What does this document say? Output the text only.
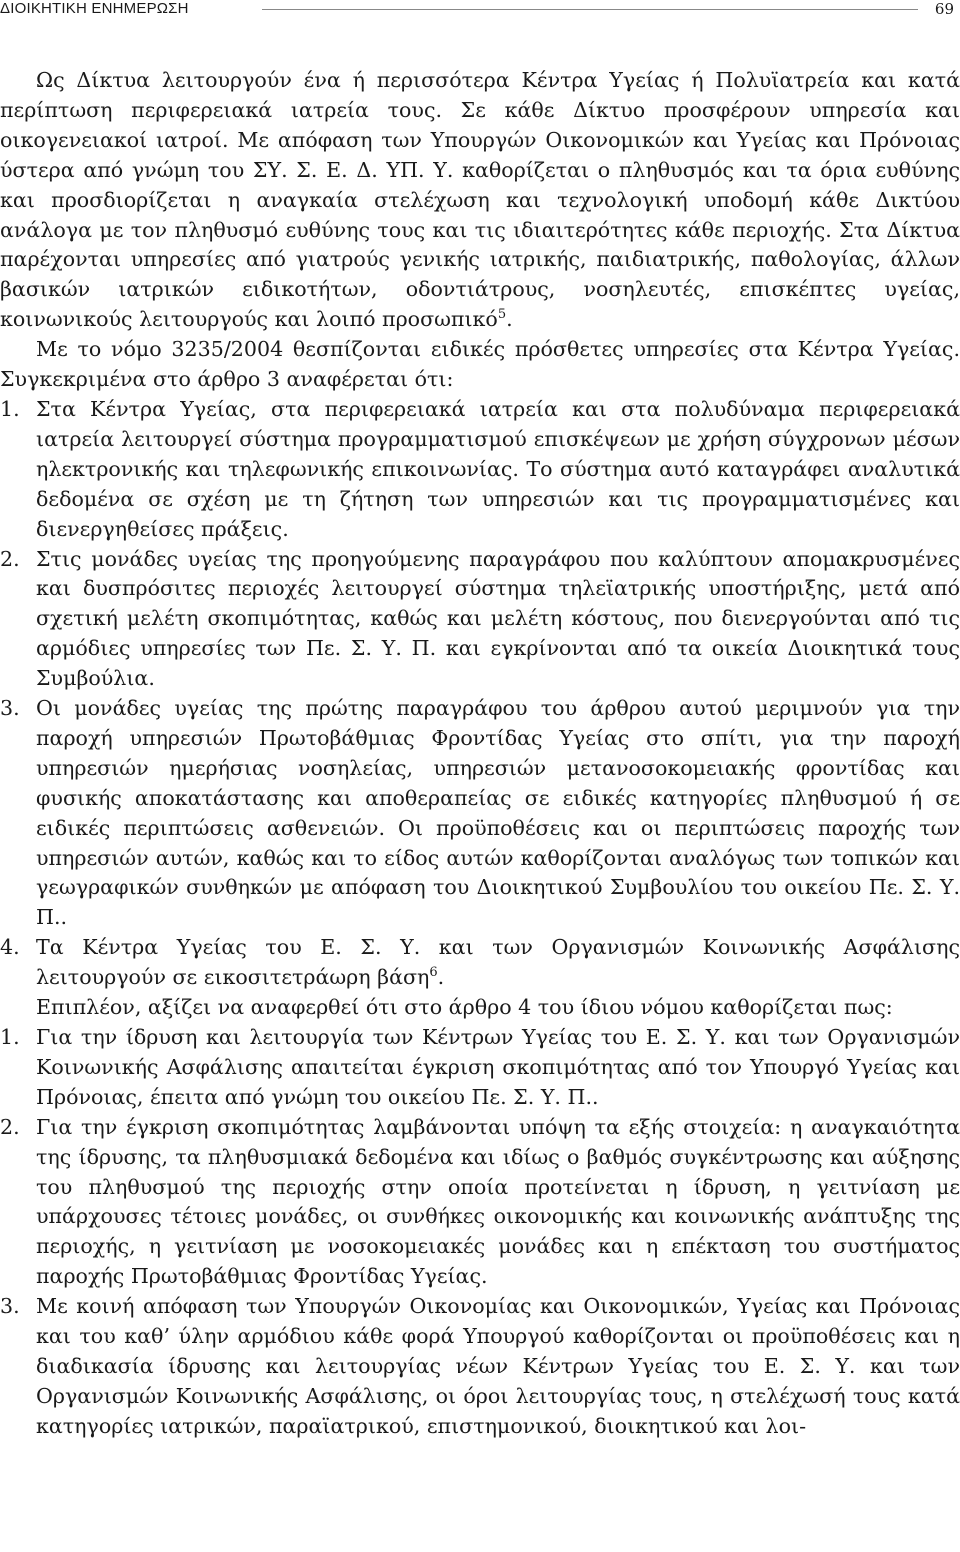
ΔΙΟΙΚΗΤΙΚΗ ΕΝΗΜΕΡΩΣΗ	69

Ως Δίκτυα λειτουργούν ένα ή περισσότερα Κέντρα Υγείας ή Πολυϊατρεία και κατά περίπτωση περιφερειακά ιατρεία τους. Σε κάθε Δίκτυο προσφέρουν υπηρεσία και οικογενειακοί ιατροί. Με απόφαση των Υπουργών Οικονομικών και Υγείας και Πρόνοιας ύστερα από γνώμη του ΣΥ. Σ. Ε. Δ. ΥΠ. Υ. καθορίζεται ο πληθυσμός και τα όρια ευθύνης και προσδιορίζεται η αναγκαία στελέχωση και τεχνολογική υποδομή κάθε Δικτύου ανάλογα με τον πληθυσμό ευθύνης τους και τις ιδιαιτερότητες κάθε περιοχής. Στα Δίκτυα παρέχονται υπηρεσίες από γιατρούς γενικής ιατρικής, παιδιατρικής, παθολογίας, άλλων βασικών ιατρικών ειδικοτήτων, οδοντιάτρους, νοσηλευτές, επισκέπτες υγείας, κοινωνικούς λειτουργούς και λοιπό προσωπικό$^5$.

Με το νόμο 3235/2004 θεσπίζονται ειδικές πρόσθετες υπηρεσίες στα Κέντρα Υγείας. Συγκεκριμένα στο άρθρο 3 αναφέρεται ότι:

1. Στα Κέντρα Υγείας, στα περιφερειακά ιατρεία και στα πολυδύναμα περιφερειακά ιατρεία λειτουργεί σύστημα προγραμματισμού επισκέψεων με χρήση σύγχρονων μέσων ηλεκτρονικής και τηλεφωνικής επικοινωνίας. Το σύστημα αυτό καταγράφει αναλυτικά δεδομένα σε σχέση με τη ζήτηση των υπηρεσιών και τις προγραμματισμένες και διενεργηθείσες πράξεις.

2. Στις μονάδες υγείας της προηγούμενης παραγράφου που καλύπτουν απομακρυσμένες και δυσπρόσιτες περιοχές λειτουργεί σύστημα τηλεϊατρικής υποστήριξης, μετά από σχετική μελέτη σκοπιμότητας, καθώς και μελέτη κόστους, που διενεργούνται από τις αρμόδιες υπηρεσίες των Πε. Σ. Υ. Π. και εγκρίνονται από τα οικεία Διοικητικά τους Συμβούλια.

3. Οι μονάδες υγείας της πρώτης παραγράφου του άρθρου αυτού μεριμνούν για την παροχή υπηρεσιών Πρωτοβάθμιας Φροντίδας Υγείας στο σπίτι, για την παροχή υπηρεσιών ημερήσιας νοσηλείας, υπηρεσιών μετανοσοκομειακής φροντίδας και φυσικής αποκατάστασης και αποθεραπείας σε ειδικές κατηγορίες πληθυσμού ή σε ειδικές περιπτώσεις ασθενειών. Οι προϋποθέσεις και οι περιπτώσεις παροχής των υπηρεσιών αυτών, καθώς και το είδος αυτών καθορίζονται αναλόγως των τοπικών και γεωγραφικών συνθηκών με απόφαση του Διοικητικού Συμβουλίου του οικείου Πε. Σ. Υ. Π..

4. Τα Κέντρα Υγείας του Ε. Σ. Υ. και των Οργανισμών Κοινωνικής Ασφάλισης λειτουργούν σε εικοσιτετράωρη βάση$^6$.

Επιπλέον, αξίζει να αναφερθεί ότι στο άρθρο 4 του ίδιου νόμου καθορίζεται πως:

1. Για την ίδρυση και λειτουργία των Κέντρων Υγείας του Ε. Σ. Υ. και των Οργανισμών Κοινωνικής Ασφάλισης απαιτείται έγκριση σκοπιμότητας από τον Υπουργό Υγείας και Πρόνοιας, έπειτα από γνώμη του οικείου Πε. Σ. Υ. Π..

2. Για την έγκριση σκοπιμότητας λαμβάνονται υπόψη τα εξής στοιχεία: η αναγκαιότητα της ίδρυσης, τα πληθυσμιακά δεδομένα και ιδίως ο βαθμός συγκέντρωσης και αύξησης του πληθυσμού της περιοχής στην οποία προτείνεται η ίδρυση, η γειτνίαση με υπάρχουσες τέτοιες μονάδες, οι συνθήκες οικονομικής και κοινωνικής ανάπτυξης της περιοχής, η γειτνίαση με νοσοκομειακές μονάδες και η επέκταση του συστήματος παροχής Πρωτοβάθμιας Φροντίδας Υγείας.

3. Με κοινή απόφαση των Υπουργών Οικονομίας και Οικονομικών, Υγείας και Πρόνοιας και του καθ’ ύλην αρμόδιου κάθε φορά Υπουργού καθορίζονται οι προϋποθέσεις και η διαδικασία ίδρυσης και λειτουργίας νέων Κέντρων Υγείας του Ε. Σ. Υ. και των Οργανισμών Κοινωνικής Ασφάλισης, οι όροι λειτουργίας τους, η στελέχωσή τους κατά κατηγορίες ιατρικών, παραϊατρικού, επιστημονικού, διοικητικού και λοι-
